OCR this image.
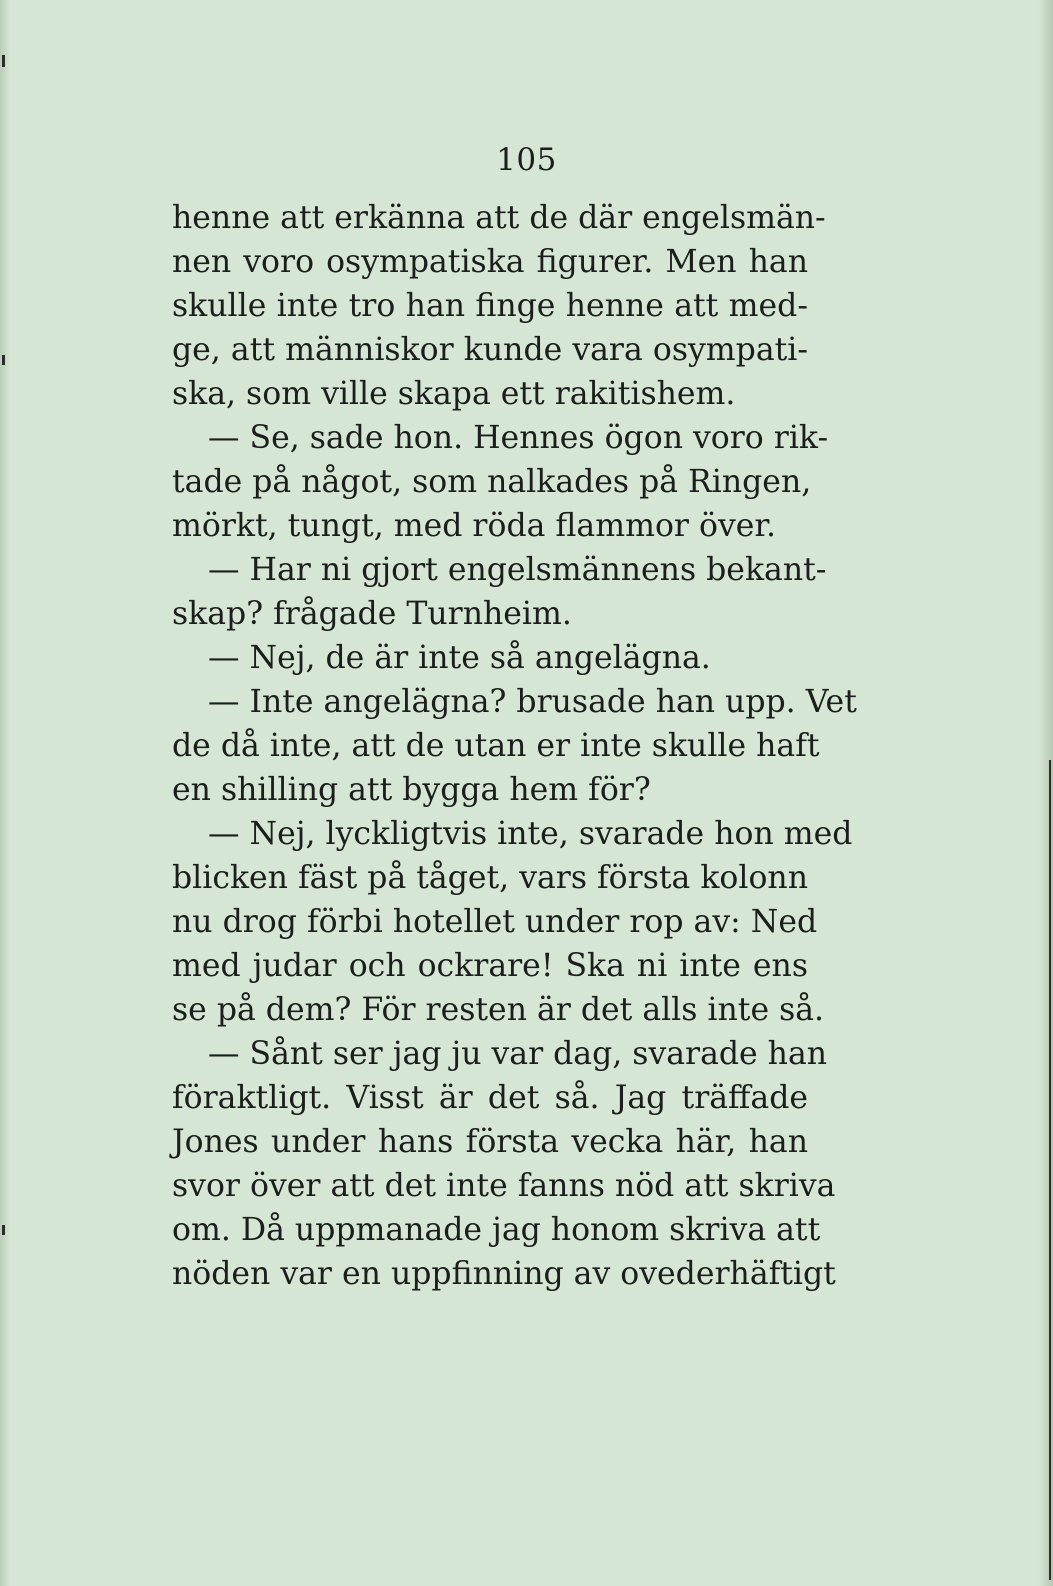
105
henne att erkänna att de där engelsmän-
nen voro osympatiska figurer. Men han
skulle inte tro han finge henne att med-
ge, att människor kunde vara osympati-
ska, som ville skapa ett rakitishem.
— Se, sade hon. Hennes ögon voro rik-
tade på något, som nalkades på Ringen,
mörkt, tungt, med röda flammor över.
— Har ni gjort engelsmännens bekant-
skap? frågade Turnheim.
— Nej, de är inte så angelägna.
— Inte angelägna? brusade han upp. Vet
de då inte, att de utan er inte skulle haft
en shilling att bygga hem för?
— Nej, lyckligtvis inte, svarade hon med
blicken fäst på tåget, vars första kolonn
nu drog förbi hotellet under rop av: Ned
med judar och ockrare! Ska ni inte ens
se på dem? För resten är det alls inte så.
— Sånt ser jag ju var dag, svarade han
föraktligt. Visst är det så. Jag träffade
Jones under hans första vecka här, han
svor över att det inte fanns nöd att skriva
om. Då uppmanade jag honom skriva att
nöden var en uppfinning av ovederhäftigt
